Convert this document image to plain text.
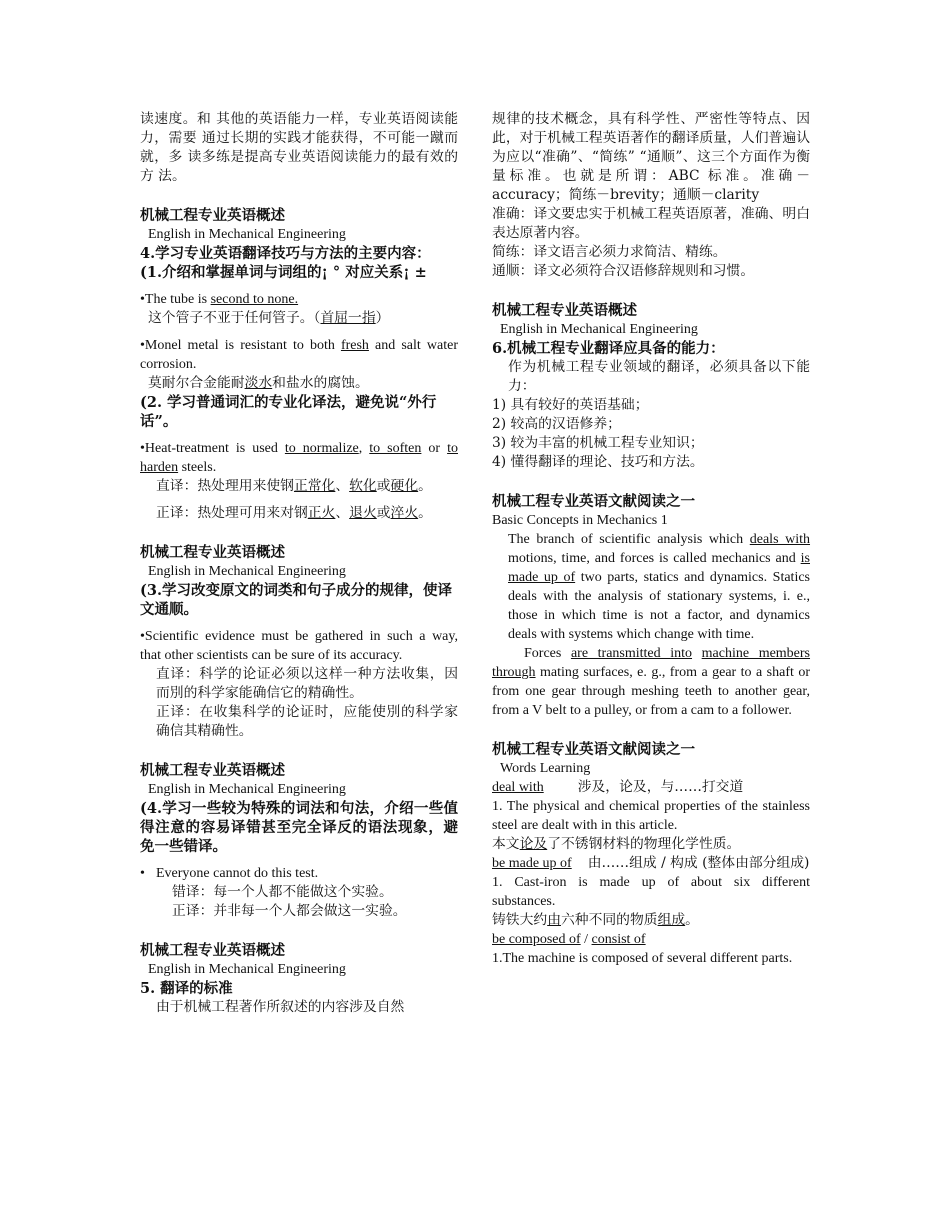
读速度。和 其他的英语能力一样，专业英语阅读能力，需要 通过长期的实践才能获得，不可能一蹴而就，多 读多练是提高专业英语阅读能力的最有效的方 法。

机械工程专业英语概述

English in Mechanical Engineering

4.学习专业英语翻译技巧与方法的主要内容：

(1.介绍和掌握单词与词组的¡ ° 对应关系¡ ±

•The tube is second to none.

这个管子不亚于任何管子。（首屈一指）

•Monel metal is resistant to both fresh and salt water corrosion.

莫耐尔合金能耐淡水和盐水的腐蚀。

(2. 学习普通词汇的专业化译法，避免说“外行话”。

•Heat-treatment is used to normalize, to soften or to harden steels.

直译：热处理用来使钢正常化、软化或硬化。

正译：热处理可用来对钢正火、退火或淬火。

机械工程专业英语概述

English in Mechanical Engineering

(3.学习改变原文的词类和句子成分的规律，使译文通顺。

•Scientific evidence must be gathered in such a way, that other scientists can be sure of its accuracy.

直译：科学的论证必须以这样一种方法收集，因而別的科学家能确信它的精确性。

正译：在收集科学的论证时，应能使別的科学家确信其精确性。

机械工程专业英语概述

English in Mechanical Engineering

(4.学习一些较为特殊的词法和句法，介绍一些值得注意的容易译错甚至完全译反的语法现象，避免一些错译。

• Everyone cannot do this test.

错译：每一个人都不能做这个实验。

正译：并非每一个人都会做这一实验。

机械工程专业英语概述

English in Mechanical Engineering

5. 翻译的标准

由于机械工程著作所叙述的内容涉及自然

规律的技术概念，具有科学性、严密性等特点、因此，对于机械工程英语著作的翻译质量，人们普遍认为应以“准确”、“简练” “通顺”、这三个方面作为衡量标准。也就是所谓：ABC 标准。准确－accuracy；简练－brevity；通顺－clarity

准确：译文要忠实于机械工程英语原著，准确、明白表达原著内容。

简练：译文语言必须力求简洁、精练。

通顺：译文必须符合汉语修辞规则和习惯。

机械工程专业英语概述

English in Mechanical Engineering

6.机械工程专业翻译应具备的能力：

作为机械工程专业领域的翻译，必须具备以下能力：

1) 具有较好的英语基础；

2) 较高的汉语修养；

3) 较为丰富的机械工程专业知识；

4) 懂得翻译的理论、技巧和方法。

机械工程专业英语文献阅读之一

Basic Concepts in Mechanics 1

The branch of scientific analysis which deals with motions, time, and forces is called mechanics and is made up of two parts, statics and dynamics. Statics deals with the analysis of stationary systems, i. e., those in which time is not a factor, and dynamics deals with systems which change with time.

Forces are transmitted into machine members through mating surfaces, e. g., from a gear to a shaft or from one gear through meshing teeth to another gear, from a V belt to a pulley, or from a cam to a follower.

机械工程专业英语文献阅读之一

Words Learning

deal with 涉及，论及，与……打交道

1. The physical and chemical properties of the stainless steel are dealt with in this article.

本文论及了不锈钢材料的物理化学性质。

be made up of 由……组成 / 构成 (整体由部分组成)

1. Cast-iron is made up of about six different substances.

铸铁大约由六种不同的物质组成。

be composed of / consist of

1.The machine is composed of several different parts.
